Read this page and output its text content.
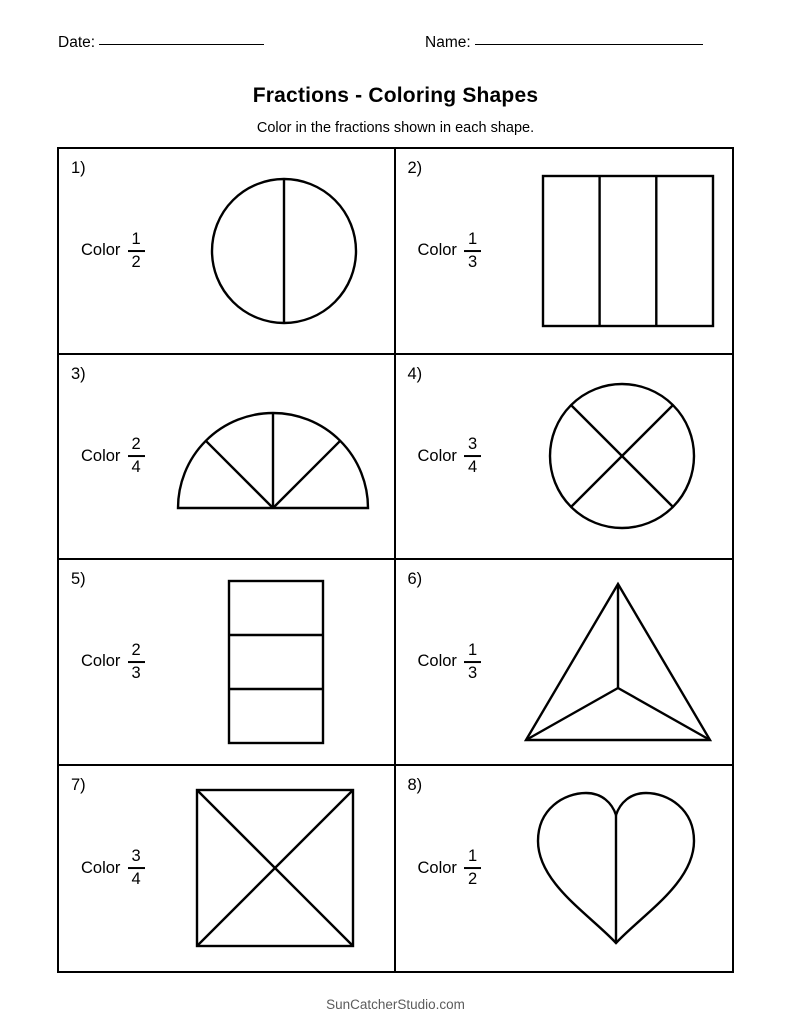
Date:	Name:
Fractions - Coloring Shapes
Color in the fractions shown in each shape.
1)
Color $\frac{1}{2}$
2)
Color $\frac{1}{3}$
3)
Color $\frac{2}{4}$
4)
Color $\frac{3}{4}$
5)
Color $\frac{2}{3}$
6)
Color $\frac{1}{3}$
7)
Color $\frac{3}{4}$
8)
Color $\frac{1}{2}$
SunCatcherStudio.com
